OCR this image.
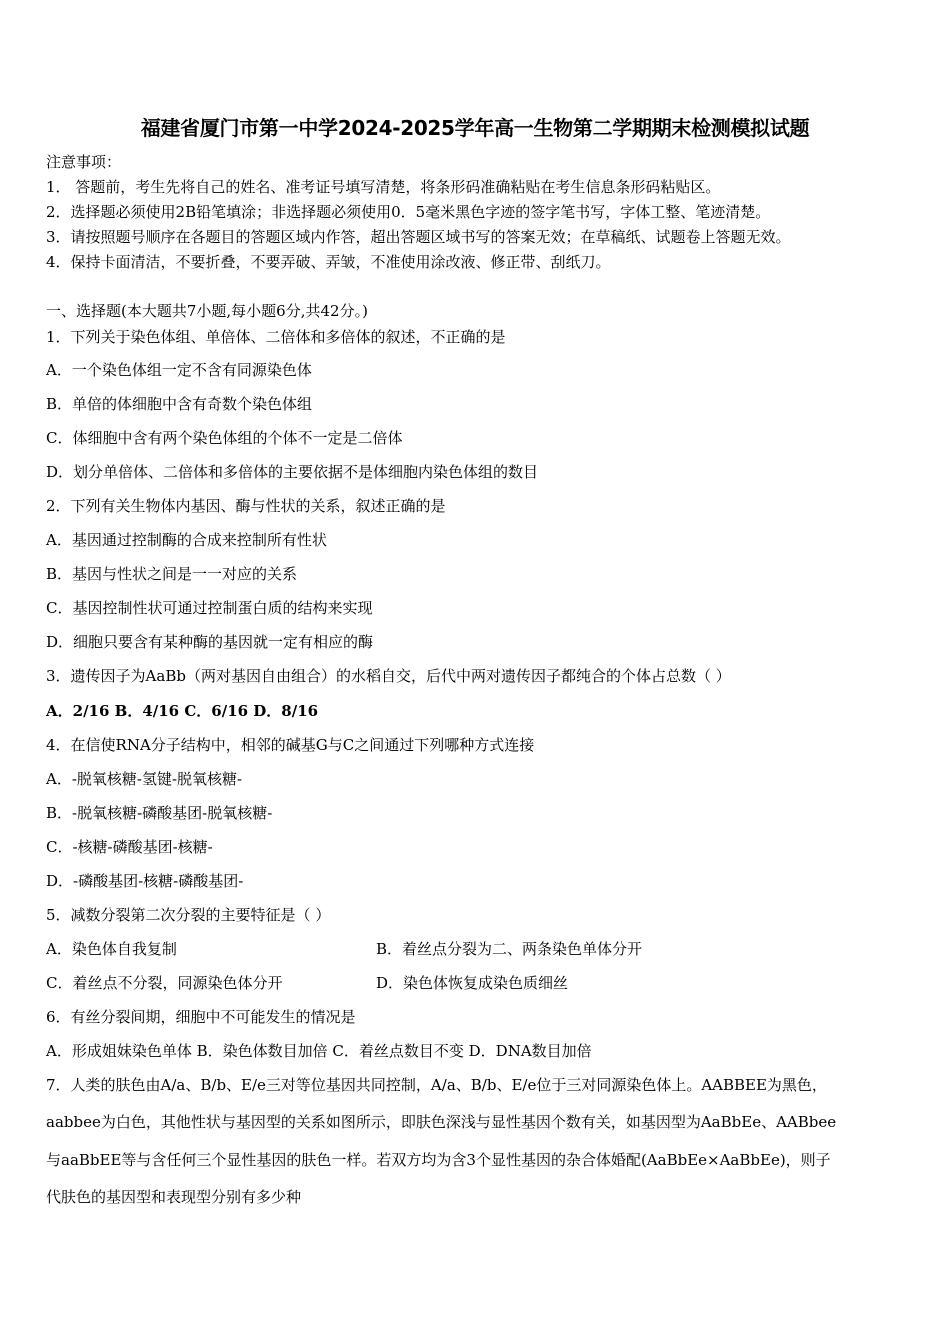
福建省厦门市第一中学2024-2025学年高一生物第二学期期末检测模拟试题
注意事项：
1． 答题前，考生先将自己的姓名、准考证号填写清楚，将条形码准确粘贴在考生信息条形码粘贴区。
2．选择题必须使用2B铅笔填涂；非选择题必须使用0．5毫米黑色字迹的签字笔书写，字体工整、笔迹清楚。
3．请按照题号顺序在各题目的答题区域内作答，超出答题区域书写的答案无效；在草稿纸、试题卷上答题无效。
4．保持卡面清洁，不要折叠，不要弄破、弄皱，不准使用涂改液、修正带、刮纸刀。
一、选择题(本大题共7小题,每小题6分,共42分。)
1．下列关于染色体组、单倍体、二倍体和多倍体的叙述，不正确的是
A．一个染色体组一定不含有同源染色体
B．单倍的体细胞中含有奇数个染色体组
C．体细胞中含有两个染色体组的个体不一定是二倍体
D．划分单倍体、二倍体和多倍体的主要依据不是体细胞内染色体组的数目
2．下列有关生物体内基因、酶与性状的关系，叙述正确的是
A．基因通过控制酶的合成来控制所有性状
B．基因与性状之间是一一对应的关系
C．基因控制性状可通过控制蛋白质的结构来实现
D．细胞只要含有某种酶的基因就一定有相应的酶
3．遗传因子为AaBb（两对基因自由组合）的水稻自交，后代中两对遗传因子都纯合的个体占总数（ ）
A．2/16 B．4/16 C．6/16 D．8/16
4．在信使RNA分子结构中，相邻的碱基G与C之间通过下列哪种方式连接
A．-脱氧核糖-氢键-脱氧核糖-
B．-脱氧核糖-磷酸基团-脱氧核糖-
C．-核糖-磷酸基团-核糖-
D．-磷酸基团-核糖-磷酸基团-
5．减数分裂第二次分裂的主要特征是（ ）
A．染色体自我复制	B．着丝点分裂为二、两条染色单体分开
C．着丝点不分裂，同源染色体分开	D．染色体恢复成染色质细丝
6．有丝分裂间期，细胞中不可能发生的情况是
A．形成姐妹染色单体 B．染色体数目加倍 C．着丝点数目不变 D．DNA数目加倍
7．人类的肤色由A/a、B/b、E/e三对等位基因共同控制，A/a、B/b、E/e位于三对同源染色体上。AABBEE为黑色，
aabbee为白色，其他性状与基因型的关系如图所示，即肤色深浅与显性基因个数有关，如基因型为AaBbEe、AABbee
与aaBbEE等与含任何三个显性基因的肤色一样。若双方均为含3个显性基因的杂合体婚配(AaBbEe×AaBbEe)，则子
代肤色的基因型和表现型分别有多少种
